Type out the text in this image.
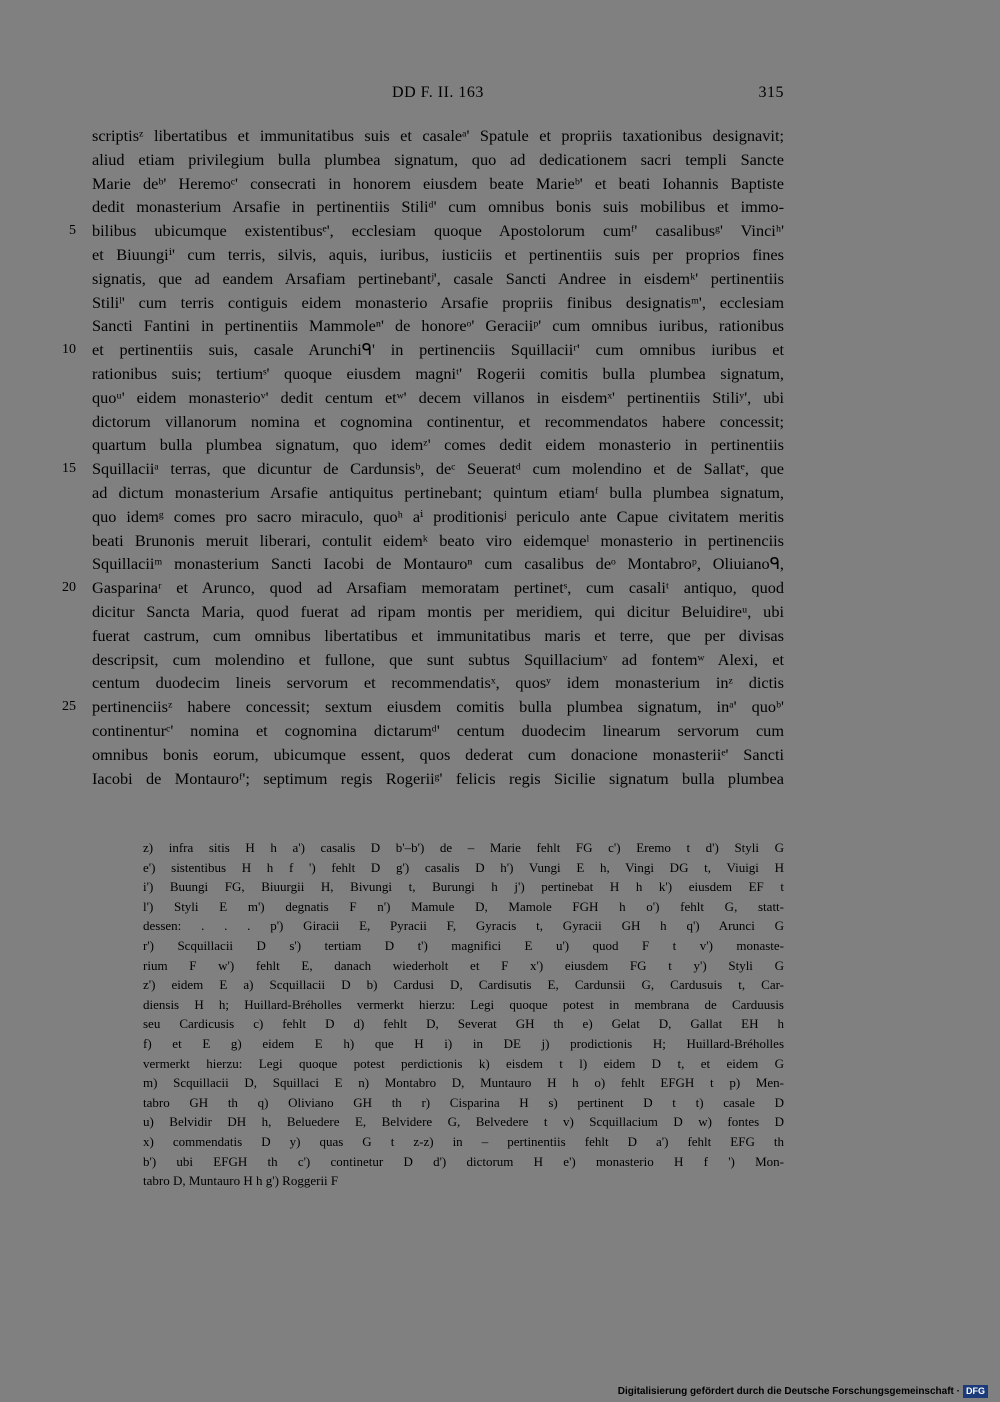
DD F. II. 163	315
scriptisᶻ libertatibus et immunitatibus suis et casaleᵃ' Spatule et propriis taxationibus designavit;
aliud etiam privilegium bulla plumbea signatum, quo ad dedicationem sacri templi Sancte
Marie deᵇ' Heremoᶜ' consecrati in honorem eiusdem beate Marieᵇ' et beati Iohannis Baptiste
dedit monasterium Arsafie in pertinentiis Stiliᵈ' cum omnibus bonis suis mobilibus et immo-
5 bilibus ubicumque existentibusᵉ', ecclesiam quoque Apostolorum cumᶠ' casalibusᵍ' Vinciʰ'
et Biuungiⁱ' cum terris, silvis, aquis, iuribus, iusticiis et pertinentiis suis per proprios fines
signatis, que ad eandem Arsafiam pertinebantʲ', casale Sancti Andree in eisdemᵏ' pertinentiis
Stiliˡ' cum terris contiguis eidem monasterio Arsafie propriis finibus designatisᵐ', ecclesiam
Sancti Fantini in pertinentiis Mammoleⁿ' de honoreᵒ' Geraciiᵖ' cum omnibus iuribus, rationibus
10 et pertinentiis suis, casale Arunchiᑫ' in pertinenciis Squillaciiʳ' cum omnibus iuribus et
rationibus suis; tertiumˢ' quoque eiusdem magniᵗ' Rogerii comitis bulla plumbea signatum,
quoᵘ' eidem monasterioᵛ' dedit centum etʷ' decem villanos in eisdemˣ' pertinentiis Stiliʸ', ubi
dictorum villanorum nomina et cognomina continentur, et recommendatos habere concessit;
quartum bulla plumbea signatum, quo idemᶻ' comes dedit eidem monasterio in pertinentiis
15 Squillaciiᵃ terras, que dicuntur de Cardunsisᵇ, deᶜ Seueratᵈ cum molendino et de Sallatᵉ, que
ad dictum monasterium Arsafie antiquitus pertinebant; quintum etiamᶠ bulla plumbea signatum,
quo idemᵍ comes pro sacro miraculo, quoʰ aⁱ proditionisʲ periculo ante Capue civitatem meritis
beati Brunonis meruit liberari, contulit eidemᵏ beato viro eidemqueˡ monasterio in pertinenciis
Squillaciiᵐ monasterium Sancti Iacobi de Montauroⁿ cum casalibus deᵒ Montabroᵖ, Oliuianoᑫ,
20 Gasparinaʳ et Arunco, quod ad Arsafiam memoratam pertinetˢ, cum casaliᵗ antiquo, quod
dicitur Sancta Maria, quod fuerat ad ripam montis per meridiem, qui dicitur Beluidireᵘ, ubi
fuerat castrum, cum omnibus libertatibus et immunitatibus maris et terre, que per divisas
descripsit, cum molendino et fullone, que sunt subtus Squillaciumᵛ ad fontemʷ Alexi, et
centum duodecim lineis servorum et recommendatisˣ, quosʸ idem monasterium inᶻ dictis
25 pertinenciisᶻ habere concessit; sextum eiusdem comitis bulla plumbea signatum, inᵃ' quoᵇ'
continenturᶜ' nomina et cognomina dictarumᵈ' centum duodecim linearum servorum cum
omnibus bonis eorum, ubicumque essent, quos dederat cum donacione monasteriiᵉ' Sancti
Iacobi de Montauroᶠ'; septimum regis Rogeriiᵍ' felicis regis Sicilie signatum bulla plumbea
z) infra sitis H h a') casalis D b'–b') de – Marie fehlt FG c') Eremo t d') Styli G
e') sistentibus H h f ') fehlt D g') casalis D h') Vungi E h, Vingi DG t, Viuigi H
i') Buungi FG, Biuurgii H, Bivungi t, Burungi h j') pertinebat H h k') eiusdem EF t
l') Styli E m') degnatis F n') Mamule D, Mamole FGH h o') fehlt G, statt-
dessen: . . . p') Giracii E, Pyracii F, Gyracis t, Gyracii GH h q') Arunci G
r') Scquillacii D s') tertiam D t') magnifici E u') quod F t v') monaste-
rium F w') fehlt E, danach wiederholt et F x') eiusdem FG t y') Styli G
z') eidem E a) Scquillacii D b) Cardusi D, Cardisutis E, Cardunsii G, Cardusuis t, Car-
diensis H h; Huillard-Bréholles vermerkt hierzu: Legi quoque potest in membrana de Carduusis
seu Cardicusis c) fehlt D d) fehlt D, Severat GH th e) Gelat D, Gallat EH h
f) et E g) eidem E h) que H i) in DE j) prodictionis H; Huillard-Bréholles
vermerkt hierzu: Legi quoque potest perdictionis k) eisdem t l) eidem D t, et eidem G
m) Scquillacii D, Squillaci E n) Montabro D, Muntauro H h o) fehlt EFGH t p) Men-
tabro GH th q) Oliviano GH th r) Cisparina H s) pertinent D t t) casale D
u) Belvidir DH h, Beluedere E, Belvidere G, Belvedere t v) Scquillacium D w) fontes D
x) commendatis D y) quas G t z-z) in – pertinentiis fehlt D a') fehlt EFG th
b') ubi EFGH th c') continetur D d') dictorum H e') monasterio H f ') Mon-
tabro D, Muntauro H h g') Roggerii F
Digitalisierung gefördert durch die Deutsche Forschungsgemeinschaft · DFG
